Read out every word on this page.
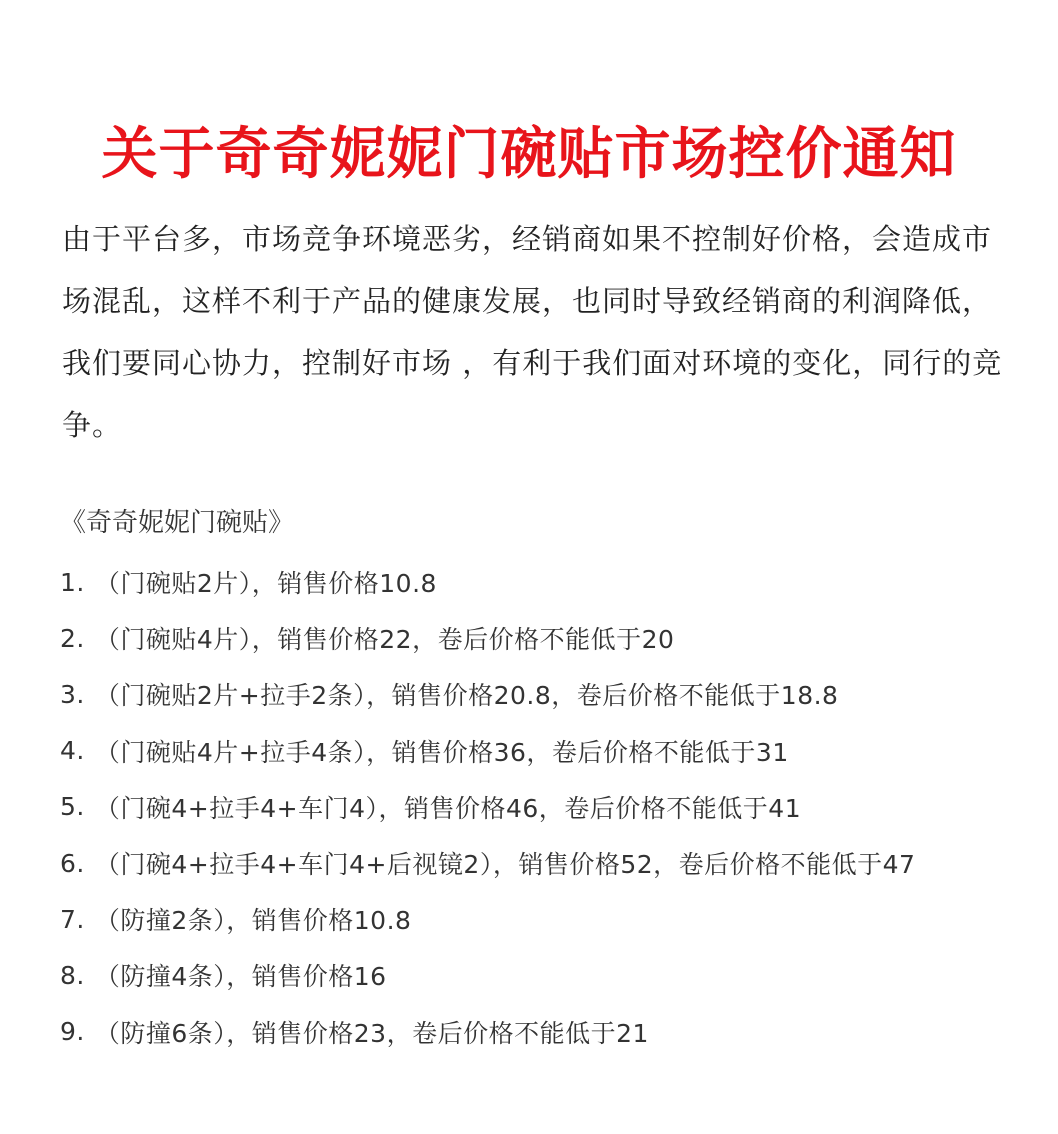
关于奇奇妮妮门碗贴市场控价通知

由于平台多，市场竞争环境恶劣，经销商如果不控制好价格，会造成市场混乱，这样不利于产品的健康发展，也同时导致经销商的利润降低，我们要同心协力，控制好市场 ，有利于我们面对环境的变化，同行的竞争。

《奇奇妮妮门碗贴》
1. （门碗贴2片），销售价格10.8
2. （门碗贴4片），销售价格22，卷后价格不能低于20
3. （门碗贴2片+拉手2条），销售价格20.8，卷后价格不能低于18.8
4. （门碗贴4片+拉手4条），销售价格36，卷后价格不能低于31
5. （门碗4+拉手4+车门4），销售价格46，卷后价格不能低于41
6. （门碗4+拉手4+车门4+后视镜2），销售价格52，卷后价格不能低于47
7. （防撞2条），销售价格10.8
8. （防撞4条），销售价格16
9. （防撞6条），销售价格23，卷后价格不能低于21
